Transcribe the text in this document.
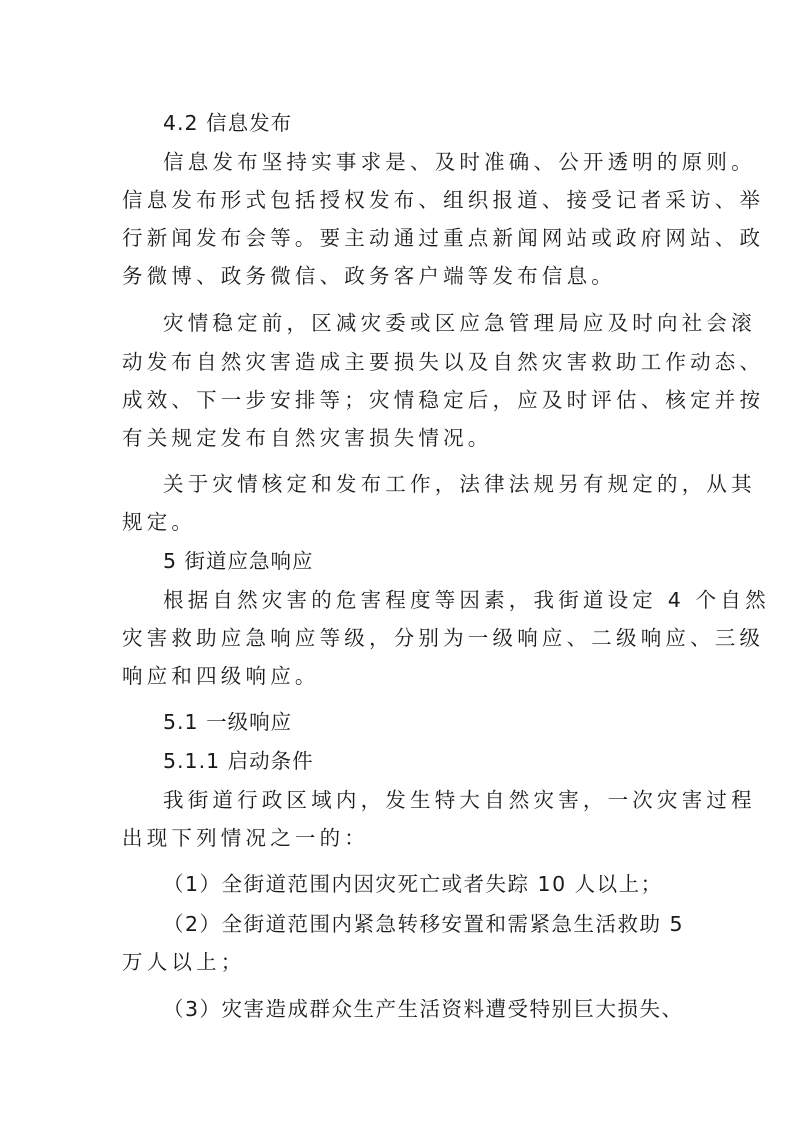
4.2 信息发布
信息发布坚持实事求是、及时准确、公开透明的原则。
信息发布形式包括授权发布、组织报道、接受记者采访、举
行新闻发布会等。要主动通过重点新闻网站或政府网站、政
务微博、政务微信、政务客户端等发布信息。
灾情稳定前，区减灾委或区应急管理局应及时向社会滚
动发布自然灾害造成主要损失以及自然灾害救助工作动态、
成效、下一步安排等；灾情稳定后，应及时评估、核定并按
有关规定发布自然灾害损失情况。
关于灾情核定和发布工作，法律法规另有规定的，从其
规定。
5 街道应急响应
根据自然灾害的危害程度等因素，我街道设定 4 个自然
灾害救助应急响应等级，分别为一级响应、二级响应、三级
响应和四级响应。
5.1 一级响应
5.1.1 启动条件
我街道行政区域内，发生特大自然灾害，一次灾害过程
出现下列情况之一的：
（1）全街道范围内因灾死亡或者失踪 10 人以上；
（2）全街道范围内紧急转移安置和需紧急生活救助 5
万人以上；
（3）灾害造成群众生产生活资料遭受特别巨大损失、
